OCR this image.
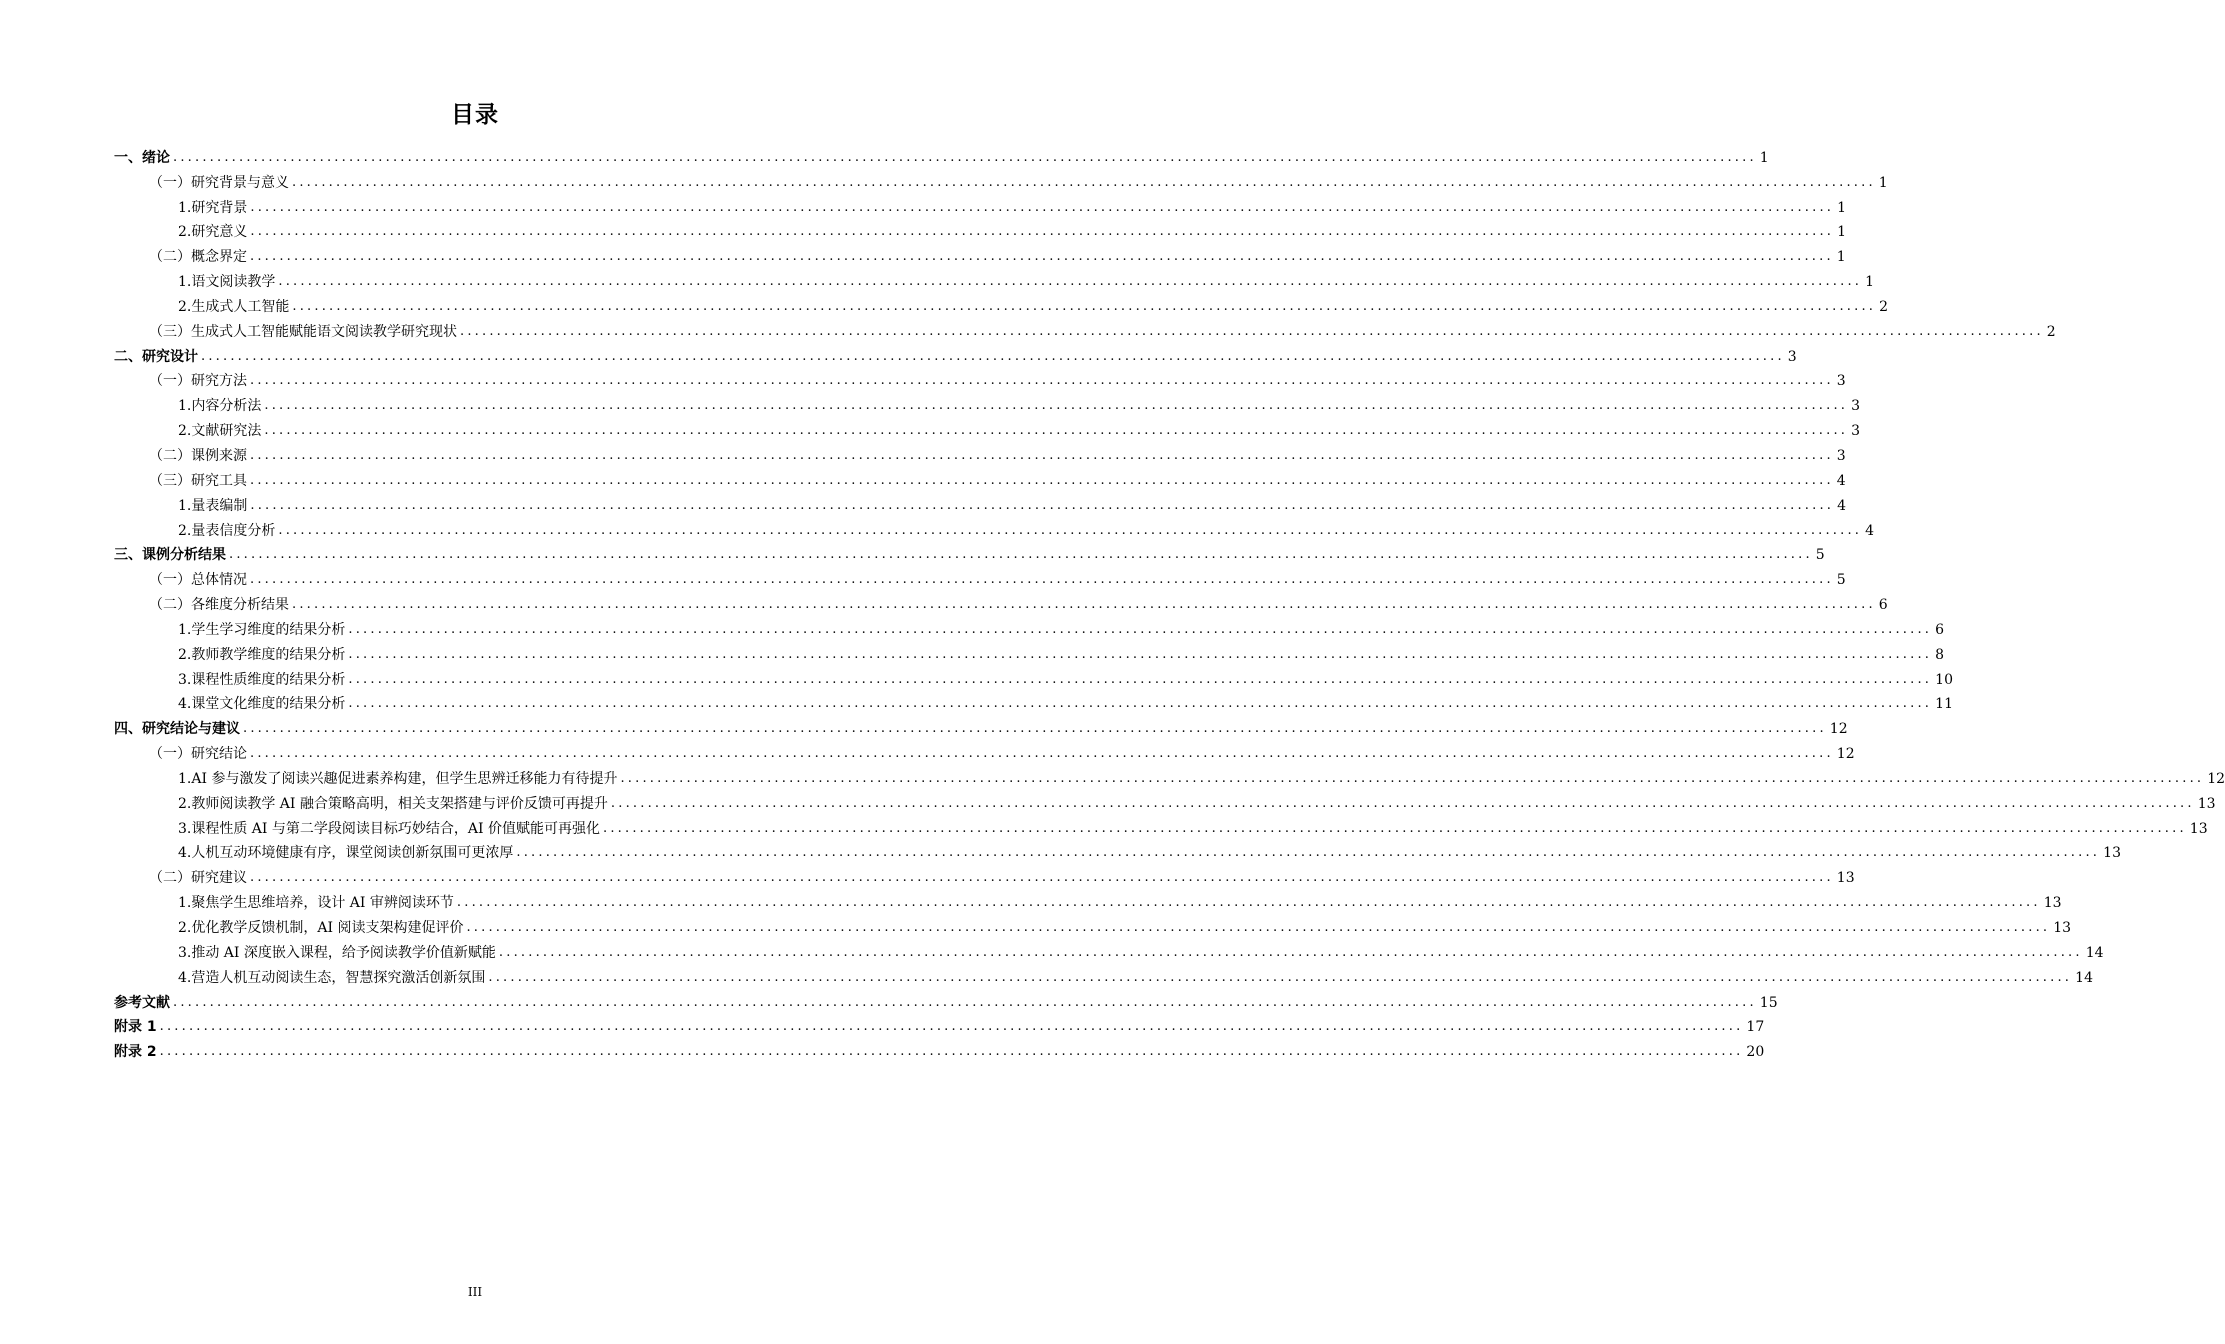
目录
一、绪论 ........................................................................................................................................................................................................................ 1
（一）研究背景与意义 ........................................................................................................................................................................................................................ 1
1.研究背景 ........................................................................................................................................................................................................................ 1
2.研究意义 ........................................................................................................................................................................................................................ 1
（二）概念界定 ........................................................................................................................................................................................................................ 1
1.语文阅读教学 ........................................................................................................................................................................................................................ 1
2.生成式人工智能 ........................................................................................................................................................................................................................ 2
（三）生成式人工智能赋能语文阅读教学研究现状 ........................................................................................................................................................................................................................ 2
二、研究设计 ........................................................................................................................................................................................................................ 3
（一）研究方法 ........................................................................................................................................................................................................................ 3
1.内容分析法 ........................................................................................................................................................................................................................ 3
2.文献研究法 ........................................................................................................................................................................................................................ 3
（二）课例来源 ........................................................................................................................................................................................................................ 3
（三）研究工具 ........................................................................................................................................................................................................................ 4
1.量表编制 ........................................................................................................................................................................................................................ 4
2.量表信度分析 ........................................................................................................................................................................................................................ 4
三、课例分析结果 ........................................................................................................................................................................................................................ 5
（一）总体情况 ........................................................................................................................................................................................................................ 5
（二）各维度分析结果 ........................................................................................................................................................................................................................ 6
1.学生学习维度的结果分析 ........................................................................................................................................................................................................................ 6
2.教师教学维度的结果分析 ........................................................................................................................................................................................................................ 8
3.课程性质维度的结果分析 ........................................................................................................................................................................................................................ 10
4.课堂文化维度的结果分析 ........................................................................................................................................................................................................................ 11
四、研究结论与建议 ........................................................................................................................................................................................................................ 12
（一）研究结论 ........................................................................................................................................................................................................................ 12
1.AI 参与激发了阅读兴趣促进素养构建，但学生思辨迁移能力有待提升 ........................................................................................................................................................................................................................ 12
2.教师阅读教学 AI 融合策略高明，相关支架搭建与评价反馈可再提升 ........................................................................................................................................................................................................................ 13
3.课程性质 AI 与第二学段阅读目标巧妙结合，AI 价值赋能可再强化 ........................................................................................................................................................................................................................ 13
4.人机互动环境健康有序，课堂阅读创新氛围可更浓厚 ........................................................................................................................................................................................................................ 13
（二）研究建议 ........................................................................................................................................................................................................................ 13
1.聚焦学生思维培养，设计 AI 审辨阅读环节 ........................................................................................................................................................................................................................ 13
2.优化教学反馈机制，AI 阅读支架构建促评价 ........................................................................................................................................................................................................................ 13
3.推动 AI 深度嵌入课程，给予阅读教学价值新赋能 ........................................................................................................................................................................................................................ 14
4.营造人机互动阅读生态，智慧探究激活创新氛围 ........................................................................................................................................................................................................................ 14
参考文献 ........................................................................................................................................................................................................................ 15
附录 1 ........................................................................................................................................................................................................................ 17
附录 2 ........................................................................................................................................................................................................................ 20
III
